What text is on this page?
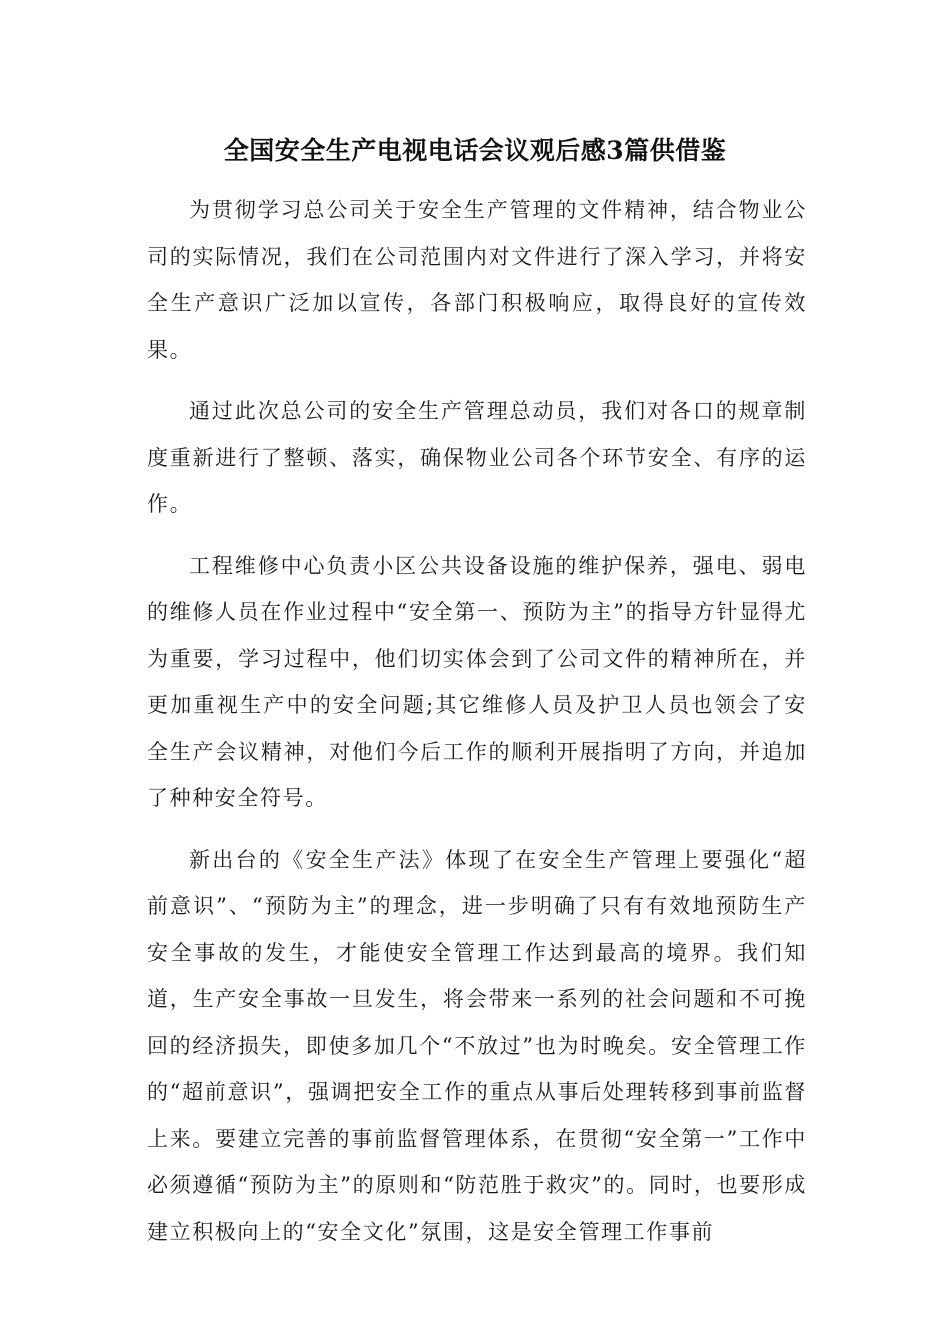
全国安全生产电视电话会议观后感3篇供借鉴

为贯彻学习总公司关于安全生产管理的文件精神，结合物业公司的实际情况，我们在公司范围内对文件进行了深入学习，并将安全生产意识广泛加以宣传，各部门积极响应，取得良好的宣传效果。

通过此次总公司的安全生产管理总动员，我们对各口的规章制度重新进行了整顿、落实，确保物业公司各个环节安全、有序的运作。

工程维修中心负责小区公共设备设施的维护保养，强电、弱电的维修人员在作业过程中“安全第一、预防为主”的指导方针显得尤为重要，学习过程中，他们切实体会到了公司文件的精神所在，并更加重视生产中的安全问题;其它维修人员及护卫人员也领会了安全生产会议精神，对他们今后工作的顺利开展指明了方向，并追加了种种安全符号。

新出台的《安全生产法》体现了在安全生产管理上要强化“超前意识”、“预防为主”的理念，进一步明确了只有有效地预防生产安全事故的发生，才能使安全管理工作达到最高的境界。我们知道，生产安全事故一旦发生，将会带来一系列的社会问题和不可挽回的经济损失，即使多加几个“不放过”也为时晚矣。安全管理工作的“超前意识”，强调把安全工作的重点从事后处理转移到事前监督上来。要建立完善的事前监督管理体系，在贯彻“安全第一”工作中必须遵循“预防为主”的原则和“防范胜于救灾”的。同时，也要形成建立积极向上的“安全文化”氛围，这是安全管理工作事前
